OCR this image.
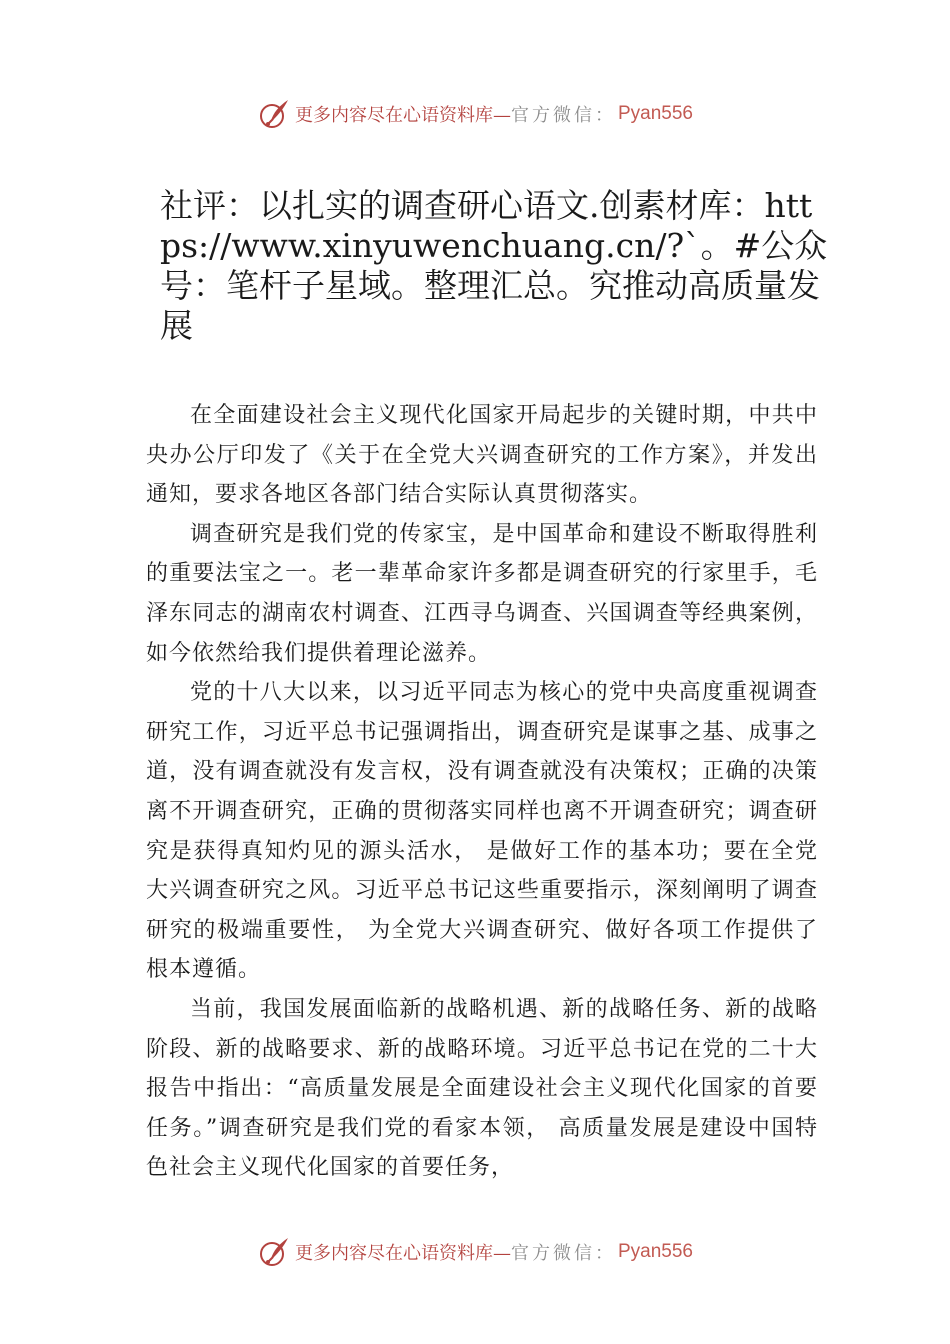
更多内容尽在心语资料库— 官方微信： Pyan556
社评：以扎实的调查研心语文.创素材库：https://www.xinyuwenchuang.cn/?`。#公众号：笔杆子星域。整理汇总。究推动高质量发展

在全面建设社会主义现代化国家开局起步的关键时期，中共中央办公厅印发了《关于在全党大兴调查研究的工作方案》，并发出通知，要求各地区各部门结合实际认真贯彻落实。

调查研究是我们党的传家宝，是中国革命和建设不断取得胜利的重要法宝之一。老一辈革命家许多都是调查研究的行家里手，毛泽东同志的湖南农村调查、江西寻乌调查、兴国调查等经典案例，如今依然给我们提供着理论滋养。

党的十八大以来，以习近平同志为核心的党中央高度重视调查研究工作，习近平总书记强调指出，调查研究是谋事之基、成事之道，没有调查就没有发言权，没有调查就没有决策权；正确的决策离不开调查研究，正确的贯彻落实同样也离不开调查研究；调查研究是获得真知灼见的源头活水， 是做好工作的基本功；要在全党大兴调查研究之风。习近平总书记这些重要指示，深刻阐明了调查研究的极端重要性， 为全党大兴调查研究、做好各项工作提供了根本遵循。

当前，我国发展面临新的战略机遇、新的战略任务、新的战略阶段、新的战略要求、新的战略环境。习近平总书记在党的二十大报告中指出：“高质量发展是全面建设社会主义现代化国家的首要任务。”调查研究是我们党的看家本领， 高质量发展是建设中国特色社会主义现代化国家的首要任务，

更多内容尽在心语资料库— 官方微信： Pyan556
